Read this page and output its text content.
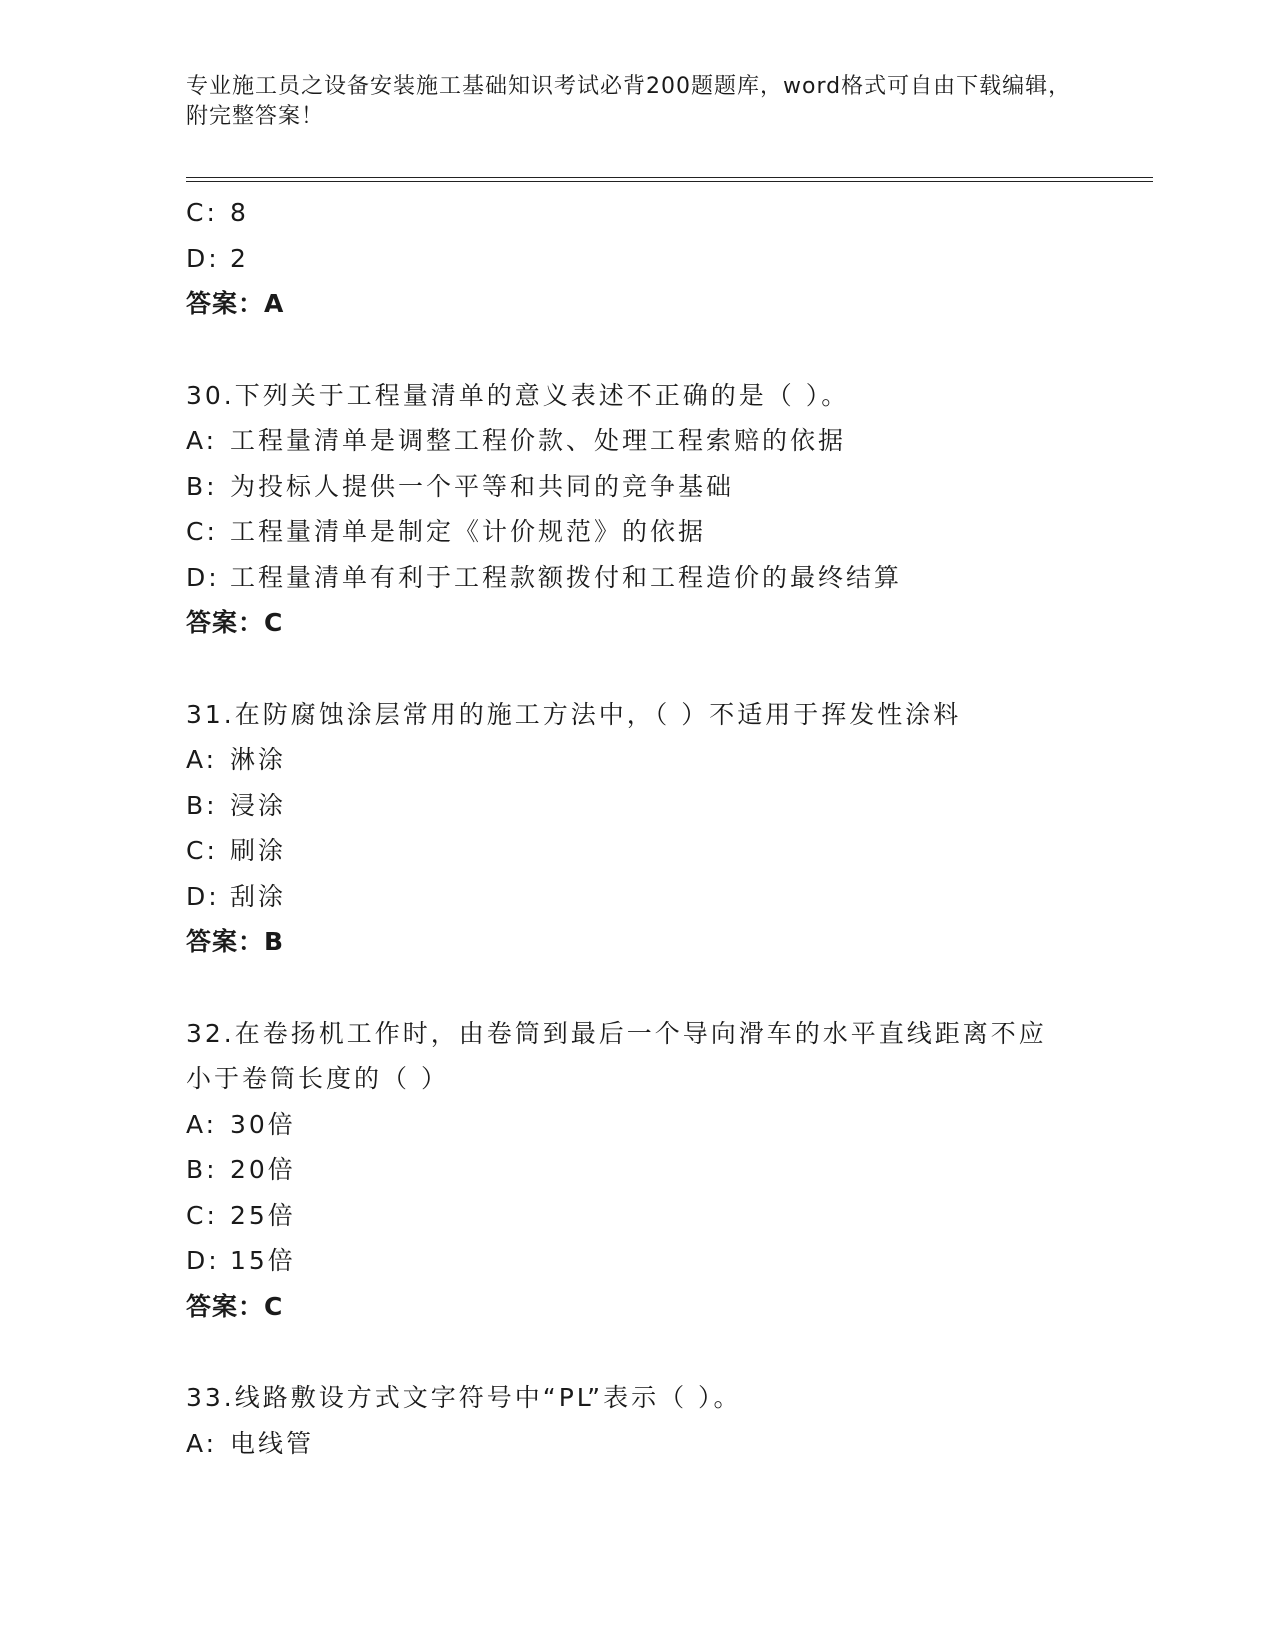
专业施工员之设备安装施工基础知识考试必背200题题库，word格式可自由下载编辑，附完整答案！
C: 8
D: 2
答案：A
30.下列关于工程量清单的意义表述不正确的是（ ）。
A: 工程量清单是调整工程价款、处理工程索赔的依据
B: 为投标人提供一个平等和共同的竞争基础
C: 工程量清单是制定《计价规范》的依据
D: 工程量清单有利于工程款额拨付和工程造价的最终结算
答案：C
31.在防腐蚀涂层常用的施工方法中，（ ）不适用于挥发性涂料
A: 淋涂
B: 浸涂
C: 刷涂
D: 刮涂
答案：B
32.在卷扬机工作时，由卷筒到最后一个导向滑车的水平直线距离不应
小于卷筒长度的（ ）
A: 30倍
B: 20倍
C: 25倍
D: 15倍
答案：C
33.线路敷设方式文字符号中“PL”表示（ ）。
A: 电线管
